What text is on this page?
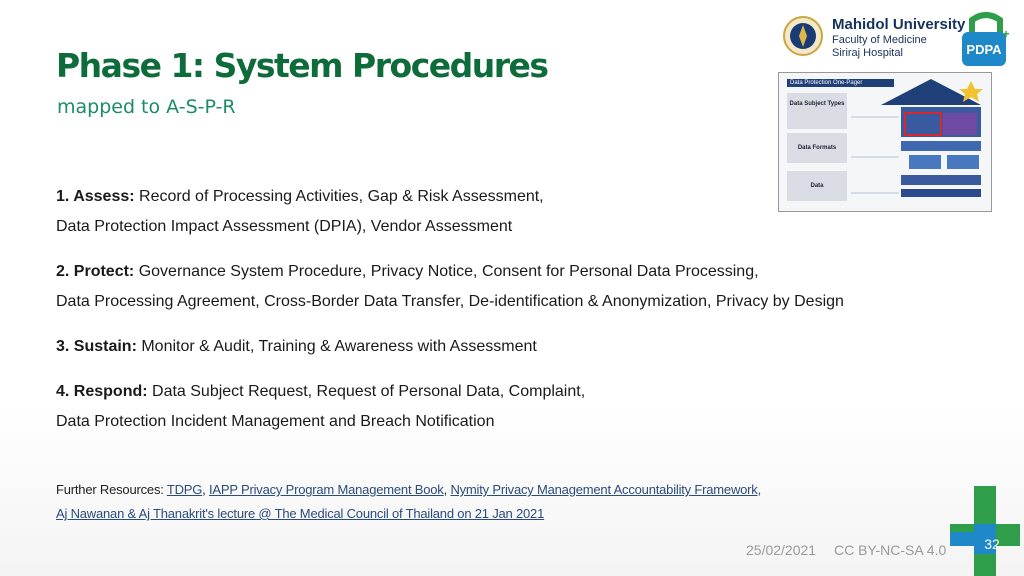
Phase 1: System Procedures
mapped to A-S-P-R
Mahidol University
Faculty of Medicine
Siriraj Hospital	PDPA
+
Data Protection One-Pager
Data Subject Types
Data Formats
Data
1. Assess: Record of Processing Activities, Gap & Risk Assessment,
Data Protection Impact Assessment (DPIA), Vendor Assessment
2. Protect: Governance System Procedure, Privacy Notice, Consent for Personal Data Processing,
Data Processing Agreement, Cross-Border Data Transfer, De-identification & Anonymization, Privacy by Design
3. Sustain: Monitor & Audit, Training & Awareness with Assessment
4. Respond: Data Subject Request, Request of Personal Data, Complaint,
Data Protection Incident Management and Breach Notification
Further Resources: TDPG, IAPP Privacy Program Management Book, Nymity Privacy Management Accountability Framework,
Aj Nawanan & Aj Thanakrit's lecture @ The Medical Council of Thailand on 21 Jan 2021
32
25/02/2021 CC BY-NC-SA 4.0
